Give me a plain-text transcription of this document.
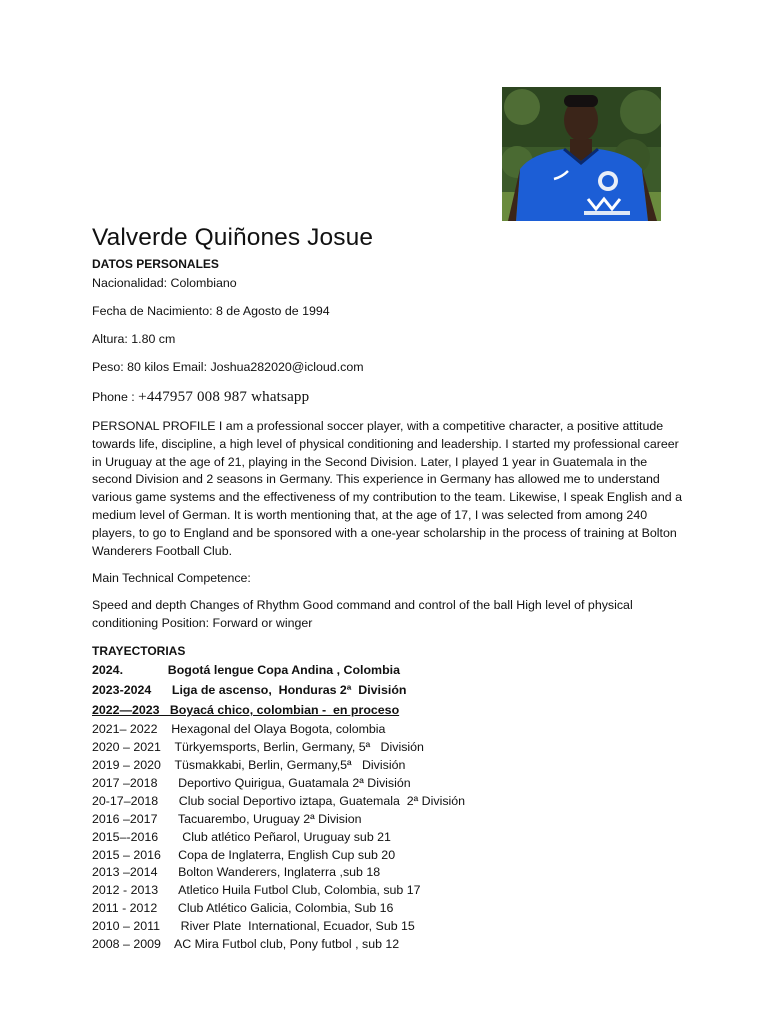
Valverde Quiñones Josue
DATOS PERSONALES
Nacionalidad: Colombiano
Fecha de Nacimiento: 8 de Agosto de 1994
Altura: 1.80 cm
Peso: 80 kilos Email: Joshua282020@icloud.com
Phone : +447957 008 987 whatsapp
PERSONAL PROFILE I am a professional soccer player, with a competitive character, a positive attitude towards life, discipline, a high level of physical conditioning and leadership. I started my professional career in Uruguay at the age of 21, playing in the Second Division. Later, I played 1 year in Guatemala in the second Division and 2 seasons in Germany. This experience in Germany has allowed me to understand various game systems and the effectiveness of my contribution to the team. Likewise, I speak English and a medium level of German. It is worth mentioning that, at the age of 17, I was selected from among 240 players, to go to England and be sponsored with a one-year scholarship in the process of training at Bolton Wanderers Football Club.
Main Technical Competence:
Speed and depth Changes of Rhythm Good command and control of the ball High level of physical conditioning Position: Forward or winger
TRAYECTORIAS
2024.             Bogotá lengue Copa Andina , Colombia
2023-2024      Liga de ascenso,  Honduras 2ª  División
2022—2023   Boyacá chico, colombian -  en proceso
2021– 2022    Hexagonal del Olaya Bogota, colombia
2020 – 2021    Türkyemsports, Berlin, Germany, 5ª   División
2019 – 2020    Tüsmakkabi, Berlin, Germany,5ª   División
2017 –2018      Deportivo Quirigua, Guatamala 2ª División
20-17–2018      Club social Deportivo iztapa, Guatemala  2ª División
2016 –2017      Tacuarembo, Uruguay 2ª Division
2015–-2016       Club atlético Peñarol, Uruguay sub 21
2015 – 2016     Copa de Inglaterra, English Cup sub 20
2013 –2014      Bolton Wanderers, Inglaterra ,sub 18
2012 - 2013      Atletico Huila Futbol Club, Colombia, sub 17
2011 - 2012      Club Atlético Galicia, Colombia, Sub 16
2010 – 2011      River Plate  International, Ecuador, Sub 15
2008 – 2009    AC Mira Futbol club, Pony futbol , sub 12
